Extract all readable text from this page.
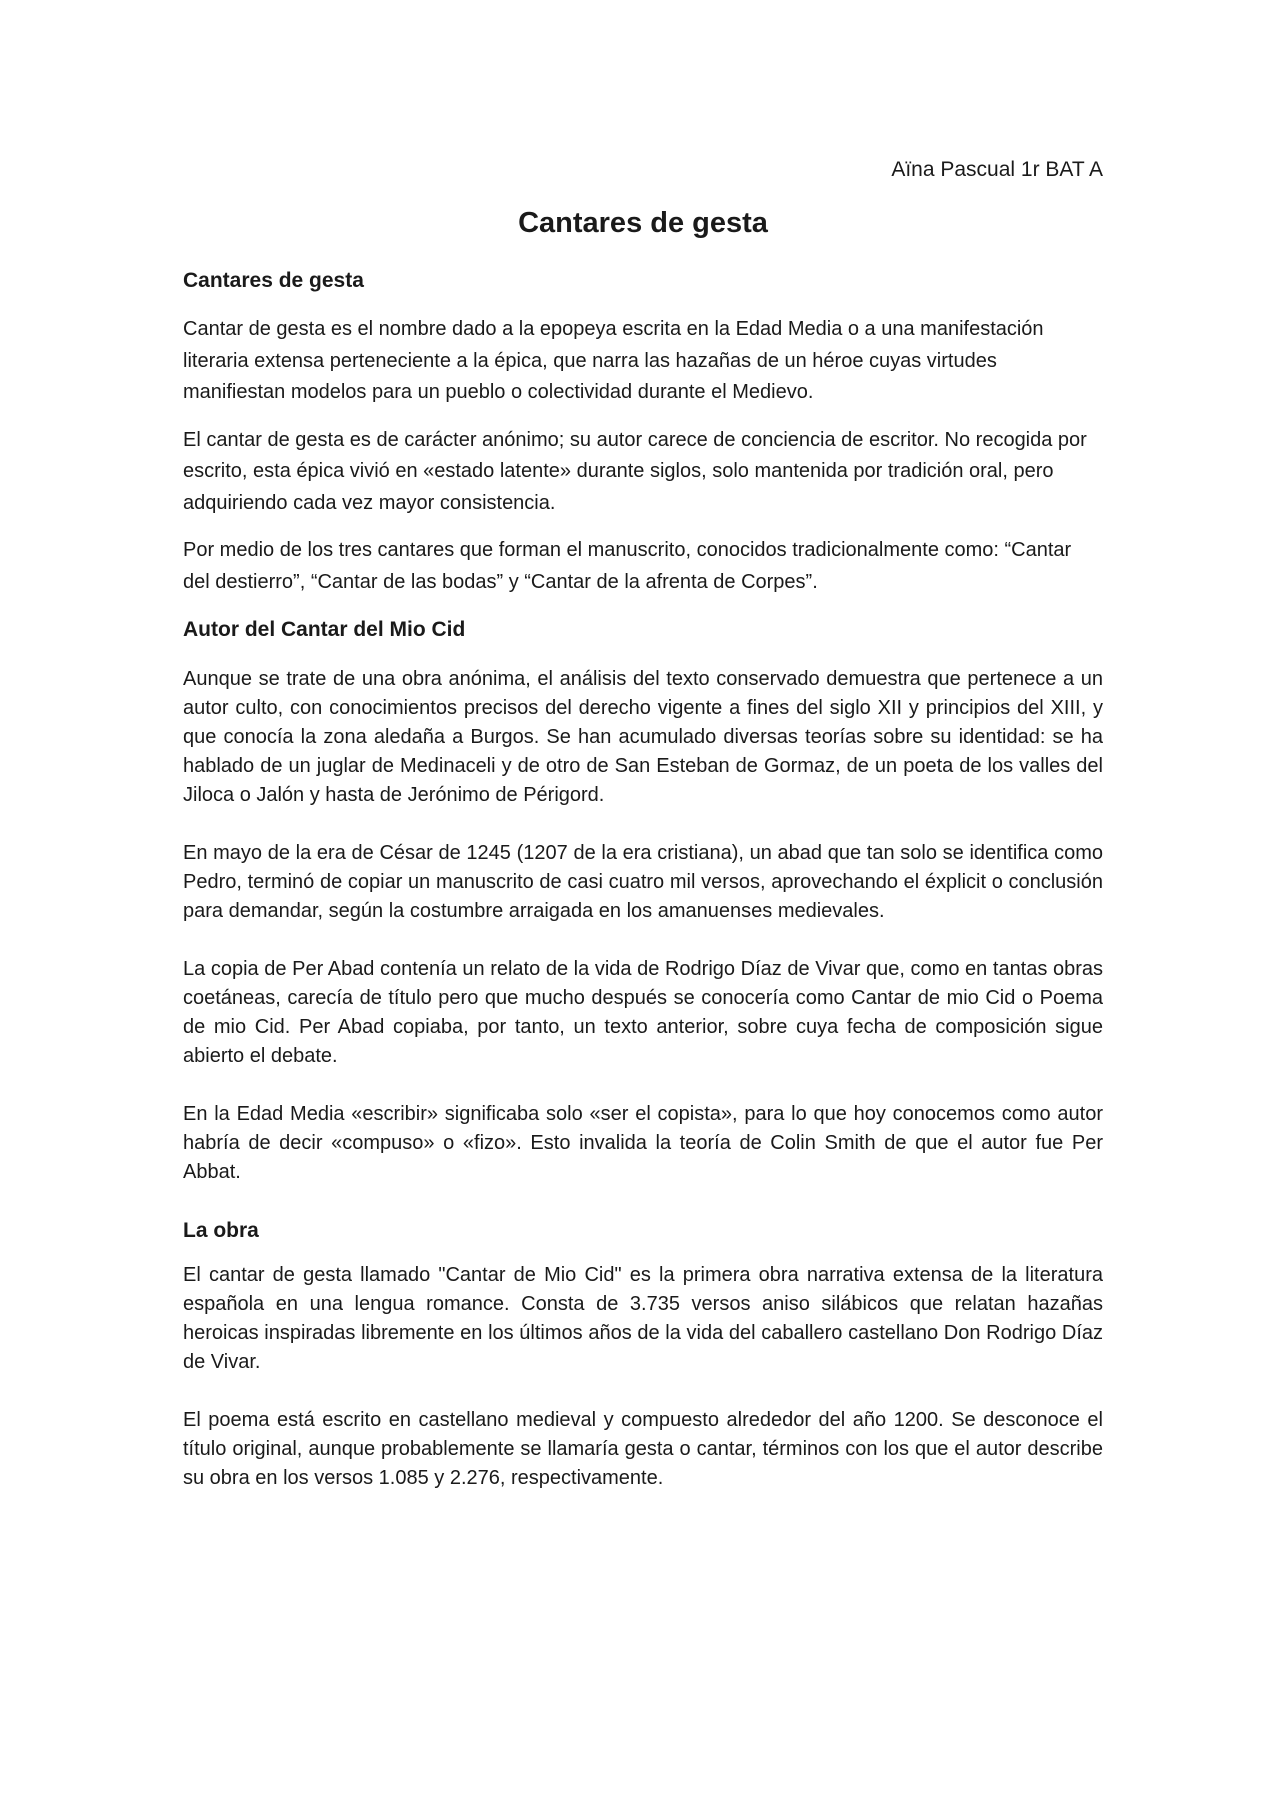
Aïna Pascual 1r BAT A

Cantares de gesta
Cantares de gesta

Cantar de gesta es el nombre dado a la epopeya escrita en la Edad Media o a una manifestación literaria extensa perteneciente a la épica, que narra las hazañas de un héroe cuyas virtudes manifiestan modelos para un pueblo o colectividad durante el Medievo.

El cantar de gesta es de carácter anónimo; su autor carece de conciencia de escritor. No recogida por escrito, esta épica vivió en «estado latente» durante siglos, solo mantenida por tradición oral, pero adquiriendo cada vez mayor consistencia.

Por medio de los tres cantares que forman el manuscrito, conocidos tradicionalmente como: “Cantar del destierro”, “Cantar de las bodas” y “Cantar de la afrenta de Corpes”.

Autor del Cantar del Mio Cid

Aunque se trate de una obra anónima, el análisis del texto conservado demuestra que pertenece a un autor culto, con conocimientos precisos del derecho vigente a fines del siglo XII y principios del XIII, y que conocía la zona aledaña a Burgos. Se han acumulado diversas teorías sobre su identidad: se ha hablado de un juglar de Medinaceli y de otro de San Esteban de Gormaz, de un poeta de los valles del Jiloca o Jalón y hasta de Jerónimo de Périgord.

En mayo de la era de César de 1245 (1207 de la era cristiana), un abad que tan solo se identifica como Pedro, terminó de copiar un manuscrito de casi cuatro mil versos, aprovechando el éxplicit o conclusión para demandar, según la costumbre arraigada en los amanuenses medievales.

La copia de Per Abad contenía un relato de la vida de Rodrigo Díaz de Vivar que, como en tantas obras coetáneas, carecía de título pero que mucho después se conocería como Cantar de mio Cid o Poema de mio Cid. Per Abad copiaba, por tanto, un texto anterior, sobre cuya fecha de composición sigue abierto el debate.

En la Edad Media «escribir» significaba solo «ser el copista», para lo que hoy conocemos como autor habría de decir «compuso» o «fizo». Esto invalida la teoría de Colin Smith de que el autor fue Per Abbat.

La obra

El cantar de gesta llamado "Cantar de Mio Cid" es la primera obra narrativa extensa de la literatura española en una lengua romance. Consta de 3.735 versos aniso silábicos que relatan hazañas heroicas inspiradas libremente en los últimos años de la vida del caballero castellano Don Rodrigo Díaz de Vivar.

El poema está escrito en castellano medieval y compuesto alrededor del año 1200. Se desconoce el título original, aunque probablemente se llamaría gesta o cantar, términos con los que el autor describe su obra en los versos 1.085 y 2.276, respectivamente.
